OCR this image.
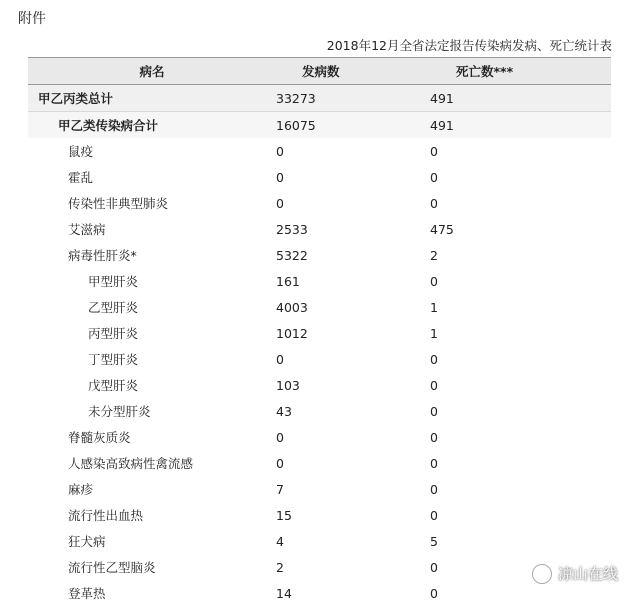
附件
2018年12月全省法定报告传染病发病、死亡统计表
病名	发病数	死亡数***
甲乙丙类总计	33273	491
甲乙类传染病合计	16075	491
鼠疫	0	0
霍乱	0	0
传染性非典型肺炎	0	0
艾滋病	2533	475
病毒性肝炎*	5322	2
甲型肝炎	161	0
乙型肝炎	4003	1
丙型肝炎	1012	1
丁型肝炎	0	0
戊型肝炎	103	0
未分型肝炎	43	0
脊髓灰质炎	0	0
人感染高致病性禽流感	0	0
麻疹	7	0
流行性出血热	15	0
狂犬病	4	5
流行性乙型脑炎	2	0
登革热	14	0
凉山在线
